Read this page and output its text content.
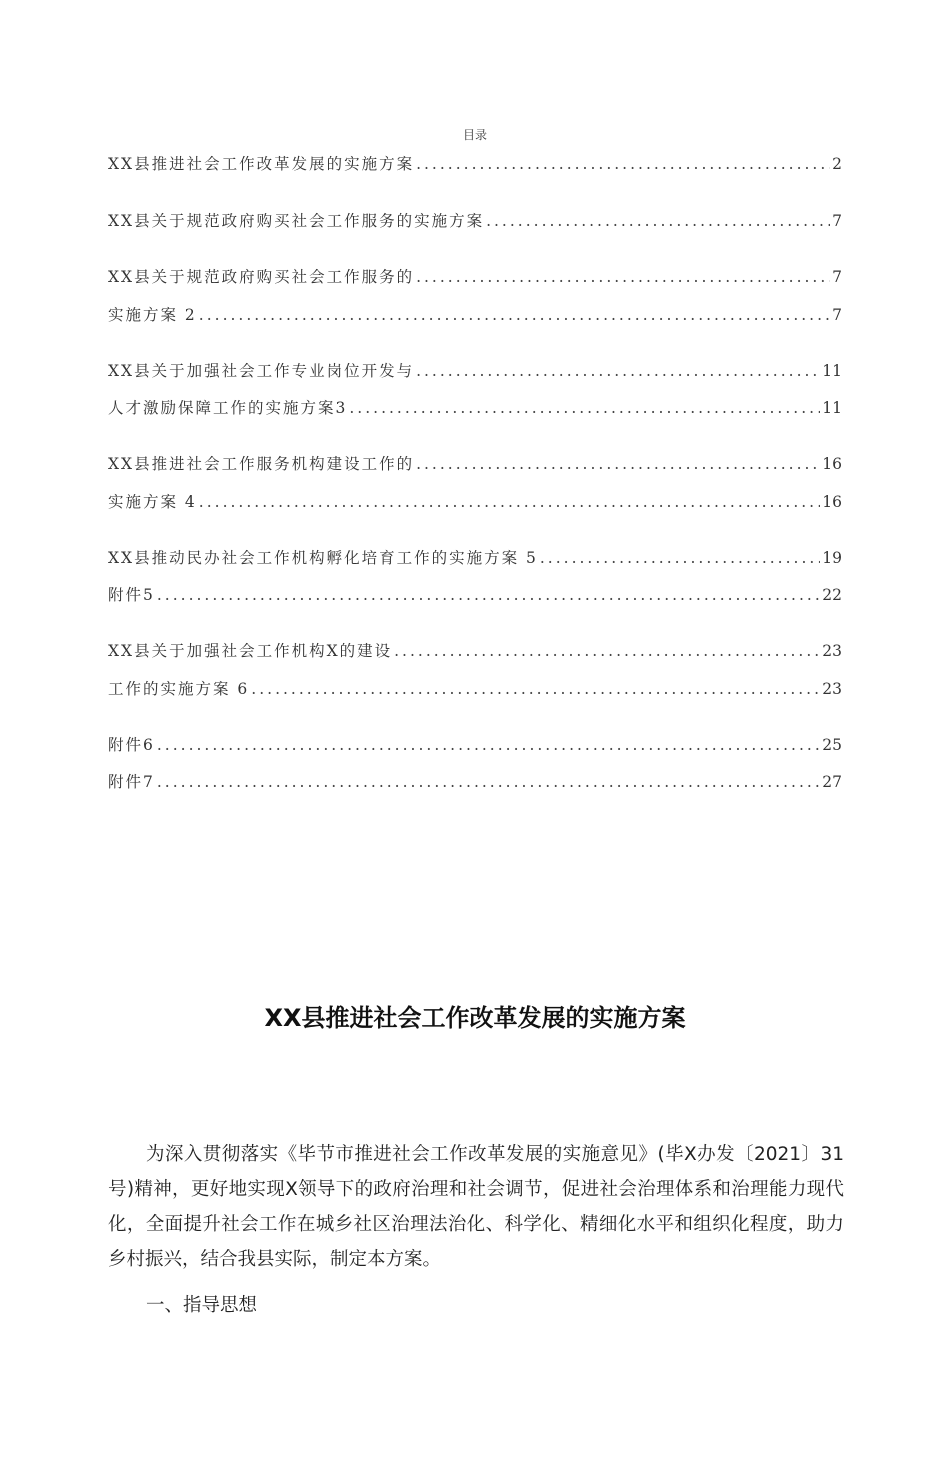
目录
XX县推进社会工作改革发展的实施方案 .....	2
XX县关于规范政府购买社会工作服务的实施方案 .....	7
XX县关于规范政府购买社会工作服务的 .....	7
实施方案 2 .....	7
XX县关于加强社会工作专业岗位开发与 .....	11
人才激励保障工作的实施方案3 .....	11
XX县推进社会工作服务机构建设工作的 .....	16
实施方案 4 .....	16
XX县推动民办社会工作机构孵化培育工作的实施方案 5 .....	19
附件5 .....	22
XX县关于加强社会工作机构X的建设 .....	23
工作的实施方案 6 .....	23
附件6 .....	25
附件7 .....	27
XX县推进社会工作改革发展的实施方案

为深入贯彻落实《毕节市推进社会工作改革发展的实施意见》(毕X办发〔2021〕31号)精神，更好地实现X领导下的政府治理和社会调节，促进社会治理体系和治理能力现代化，全面提升社会工作在城乡社区治理法治化、科学化、精细化水平和组织化程度，助力乡村振兴，结合我县实际，制定本方案。

一、指导思想
